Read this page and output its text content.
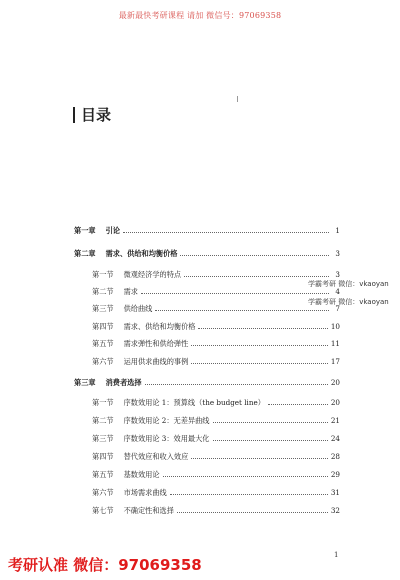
最新最快考研课程 请加 微信号：97069358
目录
第一章 引论	1
第二章 需求、供给和均衡价格	3
第一节 微观经济学的特点	3
第二节 需求	4
第三节 供给曲线	7
第四节 需求、供给和均衡价格	10
第五节 需求弹性和供给弹性	11
第六节 运用供求曲线的事例	17
第三章 消费者选择	20
第一节 序数效用论 1：预算线（the budget line）	20
第二节 序数效用论 2：无差异曲线	21
第三节 序数效用论 3：效用最大化	24
第四节 替代效应和收入效应	28
第五节 基数效用论	29
第六节 市场需求曲线	31
第七节 不确定性和选择	32
学霸考研 微信：vkaoyan
学霸考研 微信：vkaoyan
1
考研认准 微信：97069358
